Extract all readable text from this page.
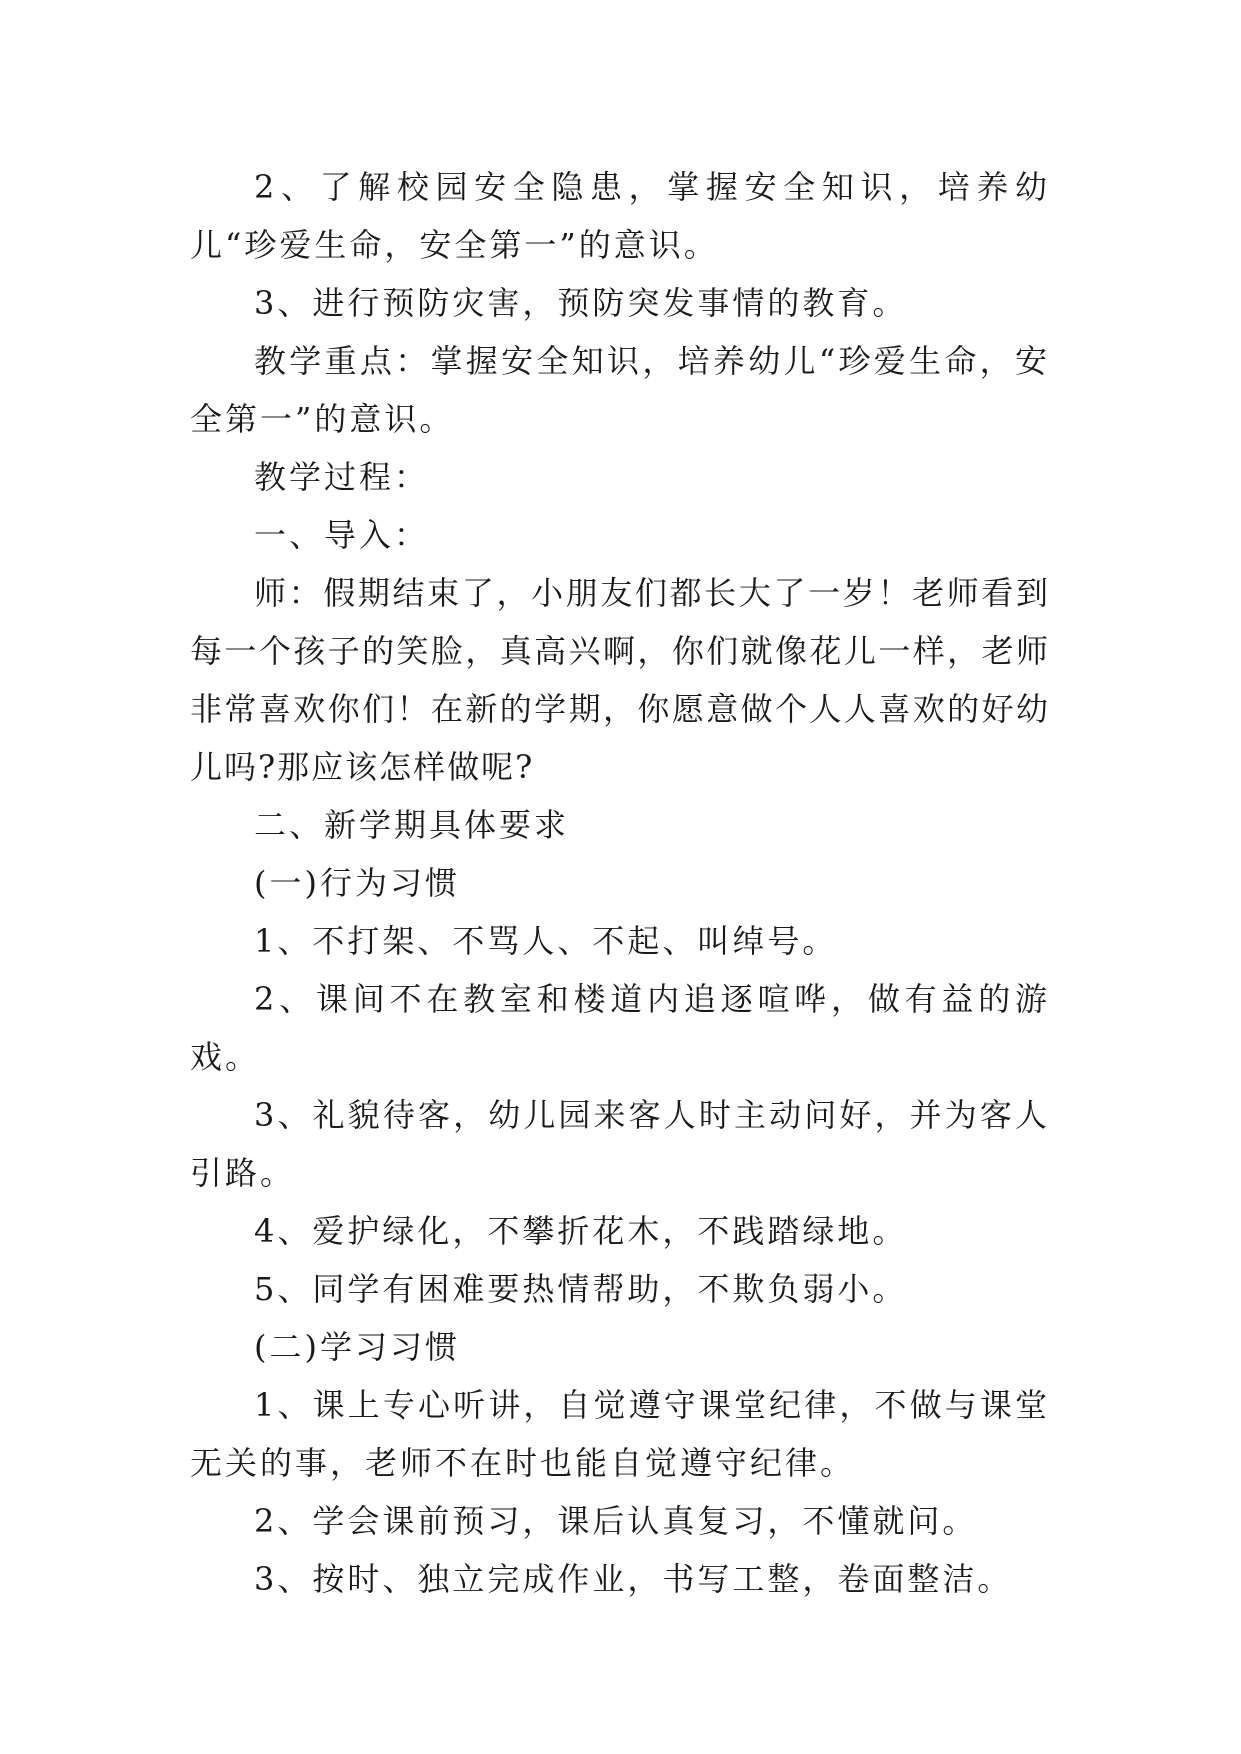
2、了解校园安全隐患，掌握安全知识，培养幼儿“珍爱生命，安全第一”的意识。

3、进行预防灾害，预防突发事情的教育。

教学重点：掌握安全知识，培养幼儿“珍爱生命，安全第一”的意识。

教学过程：

一、导入：

师：假期结束了，小朋友们都长大了一岁！老师看到每一个孩子的笑脸，真高兴啊，你们就像花儿一样，老师非常喜欢你们！在新的学期，你愿意做个人人喜欢的好幼儿吗?那应该怎样做呢?

二、新学期具体要求

(一)行为习惯

1、不打架、不骂人、不起、叫绰号。

2、课间不在教室和楼道内追逐喧哗，做有益的游戏。

3、礼貌待客，幼儿园来客人时主动问好，并为客人引路。

4、爱护绿化，不攀折花木，不践踏绿地。

5、同学有困难要热情帮助，不欺负弱小。

(二)学习习惯

1、课上专心听讲，自觉遵守课堂纪律，不做与课堂无关的事，老师不在时也能自觉遵守纪律。

2、学会课前预习，课后认真复习，不懂就问。

3、按时、独立完成作业，书写工整，卷面整洁。
